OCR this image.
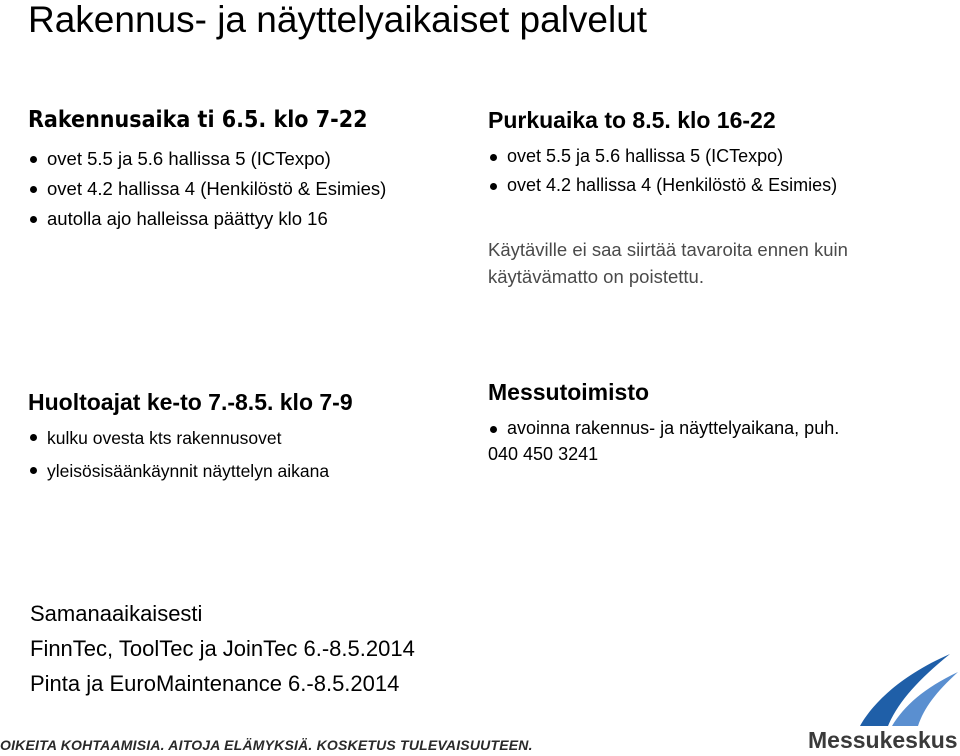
Rakennus- ja näyttelyaikaiset palvelut
Rakennusaika ti 6.5. klo 7-22
ovet 5.5 ja 5.6 hallissa 5 (ICTexpo)
ovet 4.2 hallissa 4 (Henkilöstö & Esimies)
autolla ajo halleissa päättyy klo 16
Purkuaika to 8.5. klo 16-22
ovet 5.5 ja 5.6 hallissa 5 (ICTexpo)
ovet 4.2 hallissa 4 (Henkilöstö & Esimies)
Käytäville ei saa siirtää tavaroita ennen kuin käytävämatto on poistettu.
Huoltoajat ke-to 7.-8.5. klo 7-9
kulku ovesta kts rakennusovet
yleisösisäänkäynnit näyttelyn aikana
Messutoimisto
avoinna rakennus- ja näyttelyaikana, puh.
040 450 3241
Samanaaikaisesti
FinnTec, ToolTec ja JoinTec 6.-8.5.2014
Pinta ja EuroMaintenance 6.-8.5.2014
OIKEITA KOHTAAMISIA. AITOJA ELÄMYKSIÄ. KOSKETUS TULEVAISUUTEEN.	Messukeskus
